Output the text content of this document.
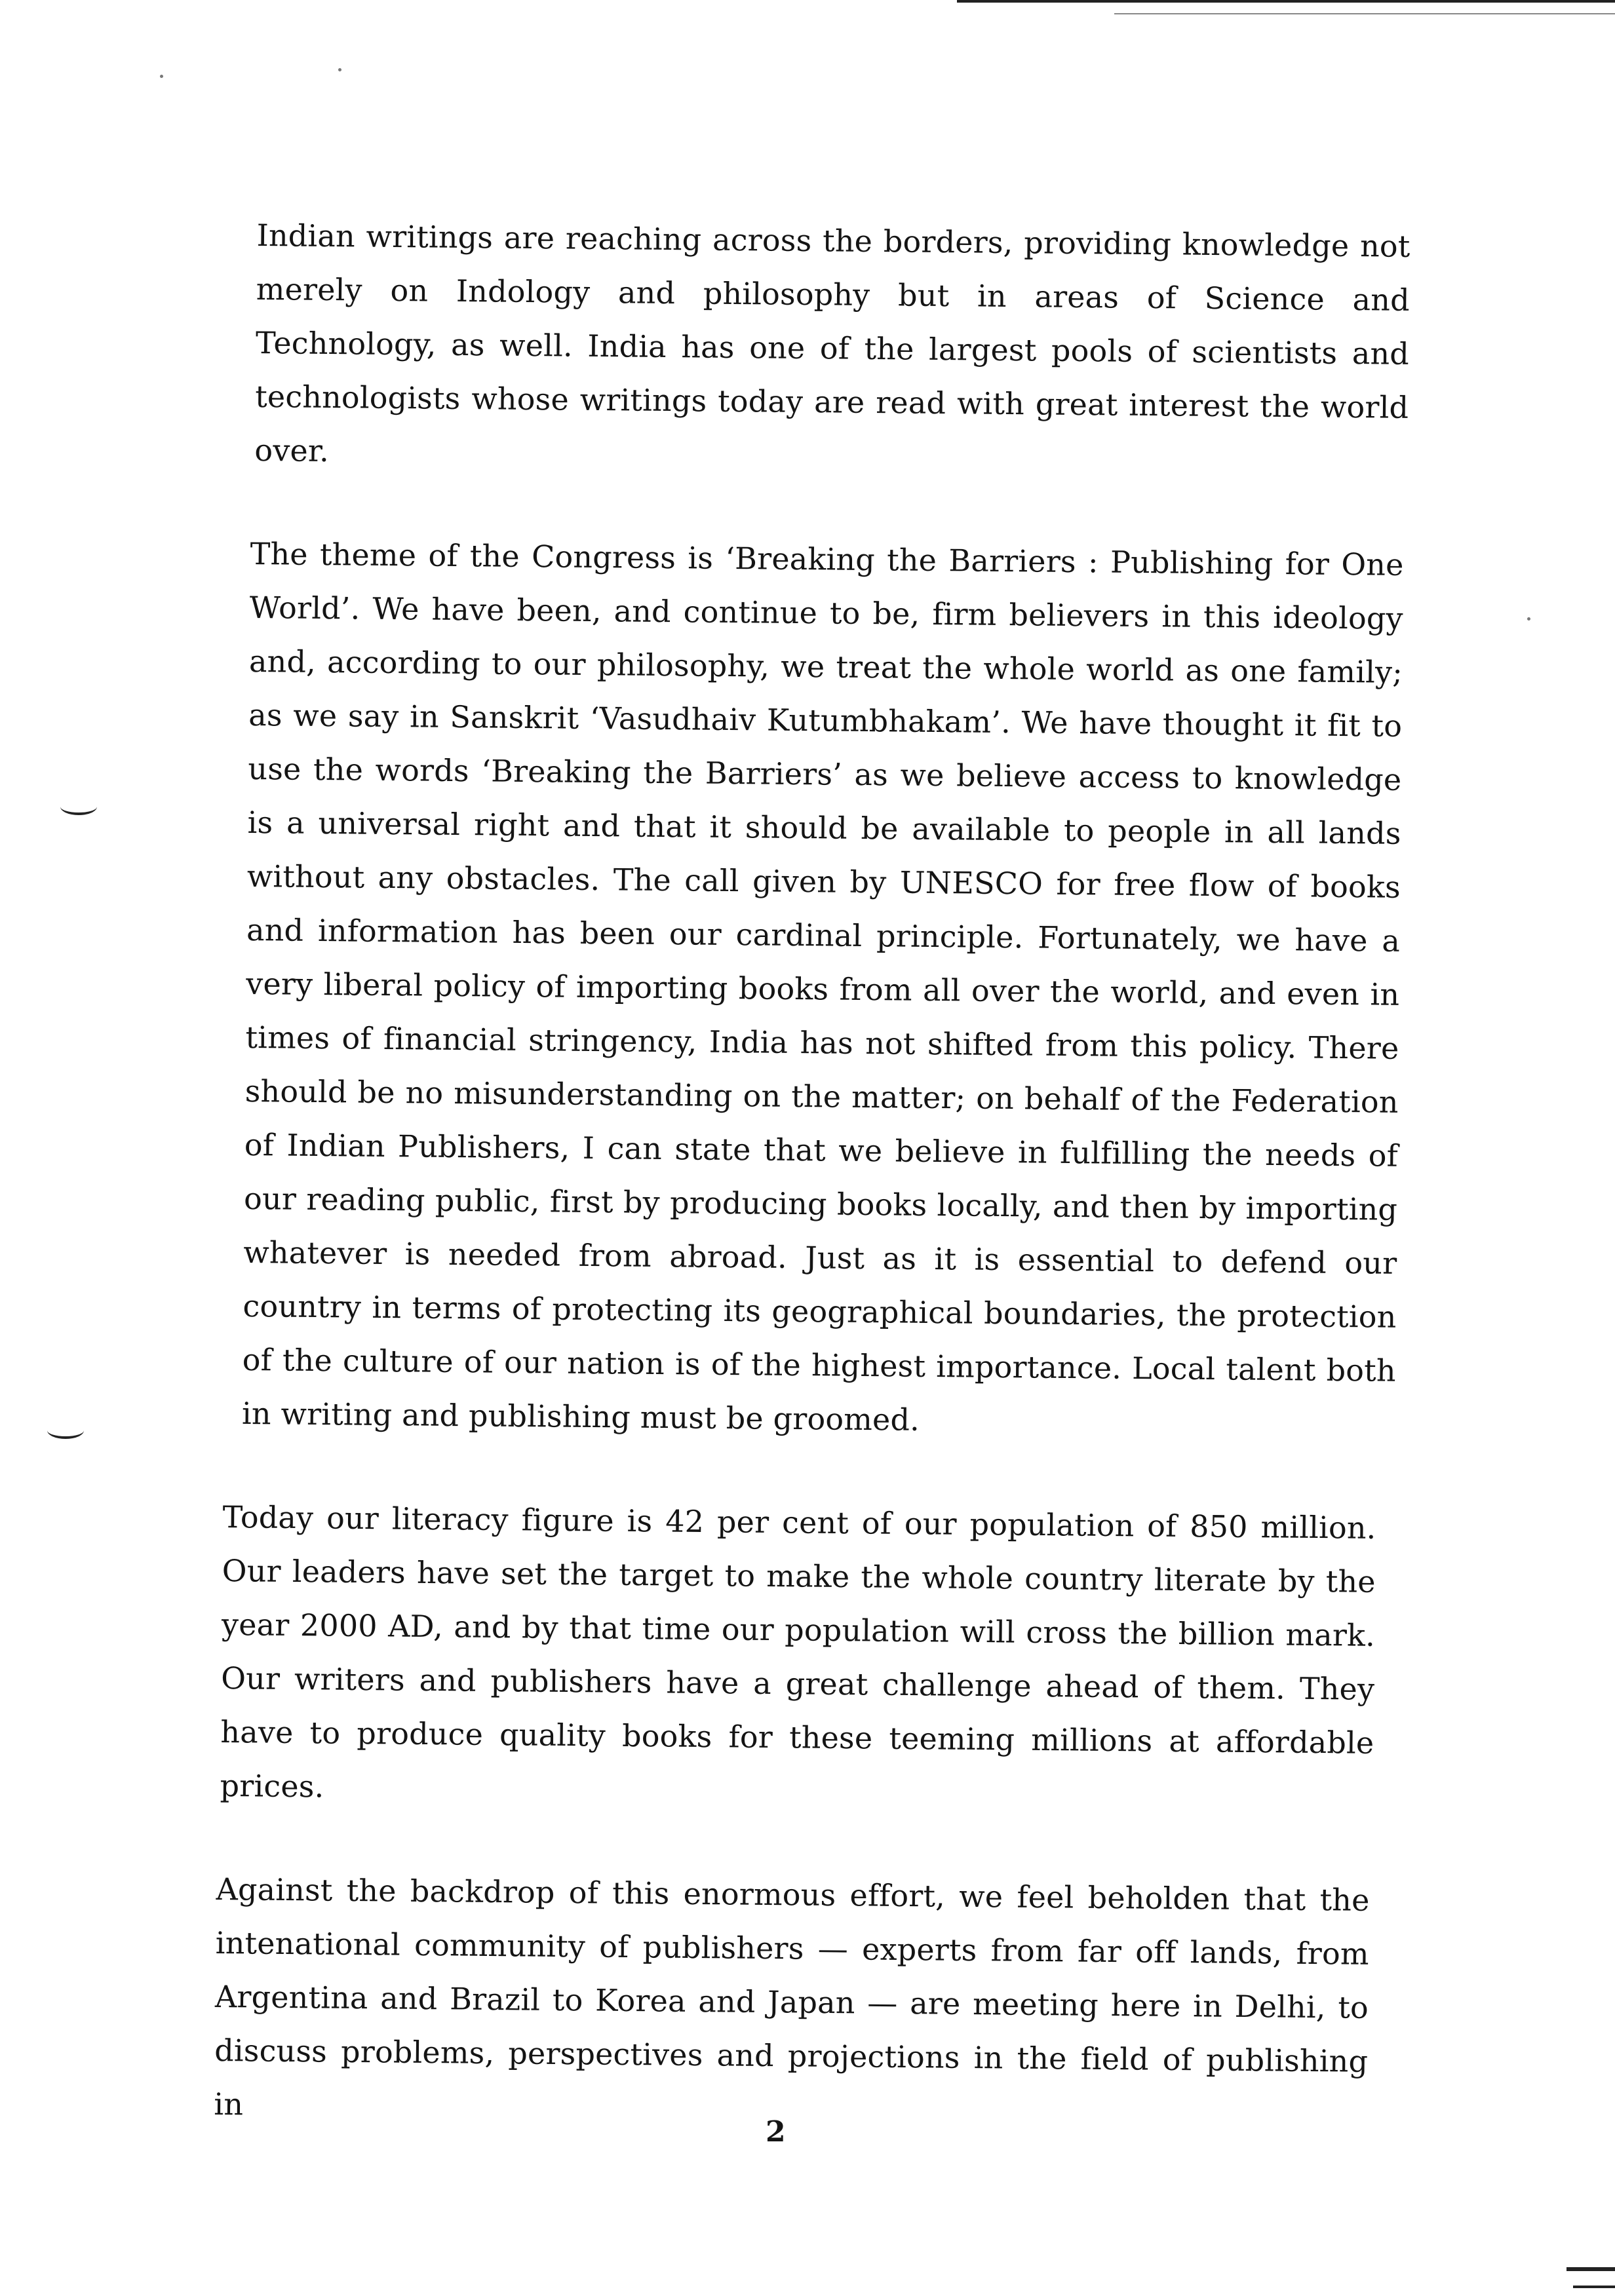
Indian writings are reaching across the borders, providing knowledge not merely on Indology and philosophy but in areas of Science and Technology, as well. India has one of the largest pools of scientists and technologists whose writings today are read with great interest the world over.

The theme of the Congress is ‘Breaking the Barriers : Publishing for One World’. We have been, and continue to be, firm believers in this ideology and, according to our philosophy, we treat the whole world as one family; as we say in Sanskrit ‘Vasudhaiv Kutumbhakam’. We have thought it fit to use the words ‘Breaking the Barriers’ as we believe access to knowledge is a universal right and that it should be available to people in all lands without any obstacles. The call given by UNESCO for free flow of books and information has been our cardinal principle. Fortunately, we have a very liberal policy of importing books from all over the world, and even in times of financial stringency, India has not shifted from this policy. There should be no misunderstanding on the matter; on behalf of the Federation of Indian Publishers, I can state that we believe in fulfilling the needs of our reading public, first by producing books locally, and then by importing whatever is needed from abroad. Just as it is essential to defend our country in terms of protecting its geographical boundaries, the protection of the culture of our nation is of the highest importance. Local talent both in writing and publishing must be groomed.

Today our literacy figure is 42 per cent of our population of 850 million. Our leaders have set the target to make the whole country literate by the year 2000 AD, and by that time our population will cross the billion mark. Our writers and publishers have a great challenge ahead of them. They have to produce quality books for these teeming millions at affordable prices.

Against the backdrop of this enormous effort, we feel beholden that the intenational community of publishers — experts from far off lands, from Argentina and Brazil to Korea and Japan — are meeting here in Delhi, to discuss problems, perspectives and projections in the field of publishing in

2
